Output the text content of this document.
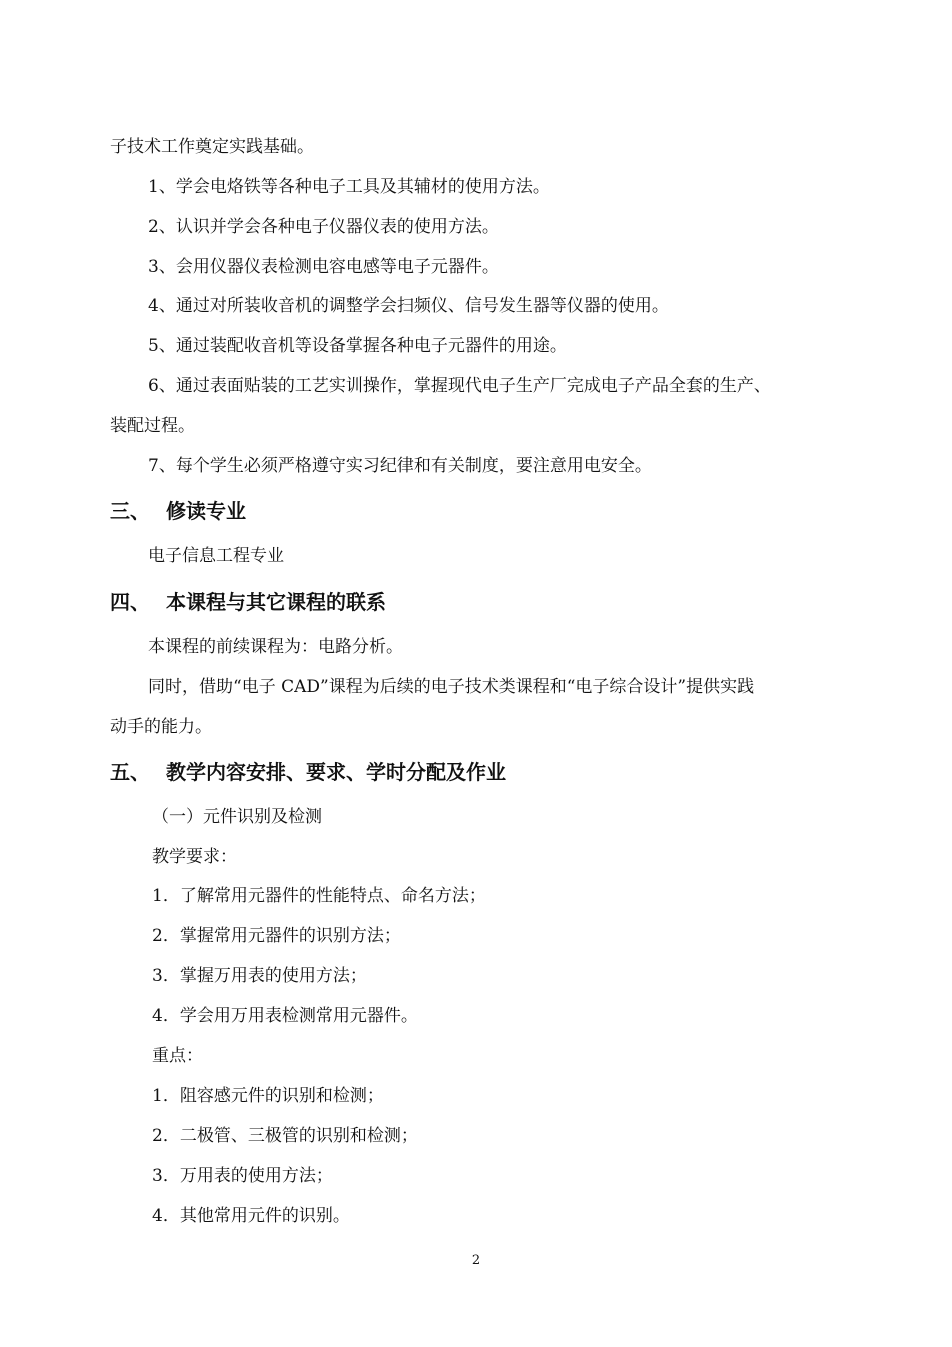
子技术工作奠定实践基础。
1、学会电烙铁等各种电子工具及其辅材的使用方法。
2、认识并学会各种电子仪器仪表的使用方法。
3、会用仪器仪表检测电容电感等电子元器件。
4、通过对所装收音机的调整学会扫频仪、信号发生器等仪器的使用。
5、通过装配收音机等设备掌握各种电子元器件的用途。
6、通过表面贴装的工艺实训操作，掌握现代电子生产厂完成电子产品全套的生产、
装配过程。
7、每个学生必须严格遵守实习纪律和有关制度，要注意用电安全。
三、 修读专业
电子信息工程专业
四、 本课程与其它课程的联系
本课程的前续课程为：电路分析。
同时，借助“电子 CAD”课程为后续的电子技术类课程和“电子综合设计”提供实践
动手的能力。
五、 教学内容安排、要求、学时分配及作业
（一）元件识别及检测
教学要求：
1．了解常用元器件的性能特点、命名方法；
2．掌握常用元器件的识别方法；
3．掌握万用表的使用方法；
4．学会用万用表检测常用元器件。
重点：
1．阻容感元件的识别和检测；
2．二极管、三极管的识别和检测；
3．万用表的使用方法；
4．其他常用元件的识别。
2
